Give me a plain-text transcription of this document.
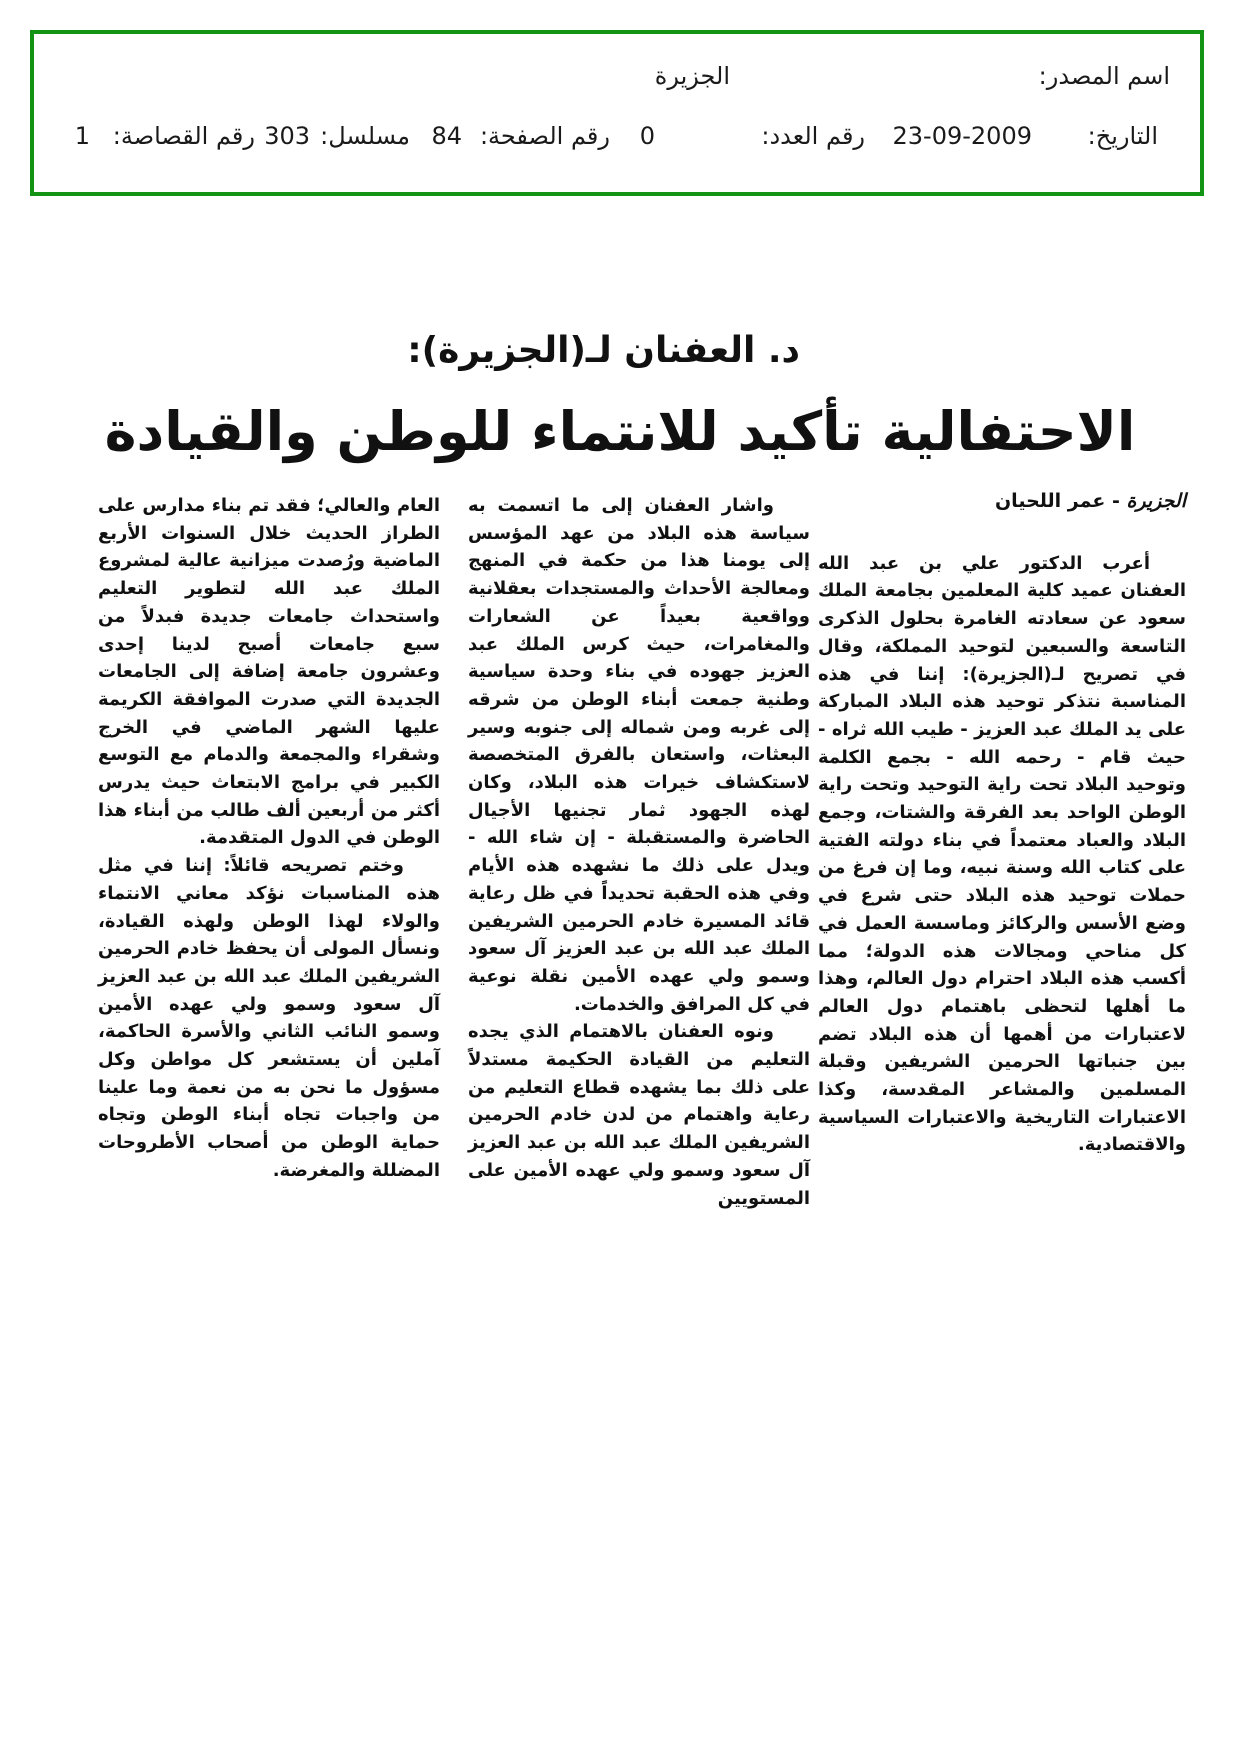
اسم المصدر:
الجزيرة
التاريخ:
23-09-2009
رقم العدد:
0
رقم الصفحة:
84
مسلسل:
303
رقم القصاصة:
1
د. العفنان لـ(الجزيرة):
الاحتفالية تأكيد للانتماء للوطن والقيادة
الجزيرة - عمر اللحيان

أعرب الدكتور علي بن عبد الله العفنان عميد كلية المعلمين بجامعة الملك سعود عن سعادته الغامرة بحلول الذكرى التاسعة والسبعين لتوحيد المملكة، وقال في تصريح لـ(الجزيرة): إننا في هذه المناسبة نتذكر توحيد هذه البلاد المباركة على يد الملك عبد العزيز - طيب الله ثراه - حيث قام - رحمه الله - بجمع الكلمة وتوحيد البلاد تحت راية التوحيد وتحت راية الوطن الواحد بعد الفرقة والشتات، وجمع البلاد والعباد معتمداً في بناء دولته الفتية على كتاب الله وسنة نبيه، وما إن فرغ من حملات توحيد هذه البلاد حتى شرع في وضع الأسس والركائز وماسسة العمل في كل مناحي ومجالات هذه الدولة؛ مما أكسب هذه البلاد احترام دول العالم، وهذا ما أهلها لتحظى باهتمام دول العالم لاعتبارات من أهمها أن هذه البلاد تضم بين جنباتها الحرمين الشريفين وقبلة المسلمين والمشاعر المقدسة، وكذا الاعتبارات التاريخية والاعتبارات السياسية والاقتصادية.

واشار العفنان إلى ما اتسمت به سياسة هذه البلاد من عهد المؤسس إلى يومنا هذا من حكمة في المنهج ومعالجة الأحداث والمستجدات بعقلانية وواقعية بعيداً عن الشعارات والمغامرات، حيث كرس الملك عبد العزيز جهوده في بناء وحدة سياسية وطنية جمعت أبناء الوطن من شرقه إلى غربه ومن شماله إلى جنوبه وسير البعثات، واستعان بالفرق المتخصصة لاستكشاف خيرات هذه البلاد، وكان لهذه الجهود ثمار تجنيها الأجيال الحاضرة والمستقبلة - إن شاء الله - ويدل على ذلك ما نشهده هذه الأيام وفي هذه الحقبة تحديداً في ظل رعاية قائد المسيرة خادم الحرمين الشريفين الملك عبد الله بن عبد العزيز آل سعود وسمو ولي عهده الأمين نقلة نوعية في كل المرافق والخدمات.

ونوه العفنان بالاهتمام الذي يجده التعليم من القيادة الحكيمة مستدلاً على ذلك بما يشهده قطاع التعليم من رعاية واهتمام من لدن خادم الحرمين الشريفين الملك عبد الله بن عبد العزيز آل سعود وسمو ولي عهده الأمين على المستويين

العام والعالي؛ فقد تم بناء مدارس على الطراز الحديث خلال السنوات الأربع الماضية ورُصدت ميزانية عالية لمشروع الملك عبد الله لتطوير التعليم واستحداث جامعات جديدة فبدلاً من سبع جامعات أصبح لدينا إحدى وعشرون جامعة إضافة إلى الجامعات الجديدة التي صدرت الموافقة الكريمة عليها الشهر الماضي في الخرج وشقراء والمجمعة والدمام مع التوسع الكبير في برامج الابتعاث حيث يدرس أكثر من أربعين ألف طالب من أبناء هذا الوطن في الدول المتقدمة.

وختم تصريحه قائلاً: إننا في مثل هذه المناسبات نؤكد معاني الانتماء والولاء لهذا الوطن ولهذه القيادة، ونسأل المولى أن يحفظ خادم الحرمين الشريفين الملك عبد الله بن عبد العزيز آل سعود وسمو ولي عهده الأمين وسمو النائب الثاني والأسرة الحاكمة، آملين أن يستشعر كل مواطن وكل مسؤول ما نحن به من نعمة وما علينا من واجبات تجاه أبناء الوطن وتجاه حماية الوطن من أصحاب الأطروحات المضللة والمغرضة.
